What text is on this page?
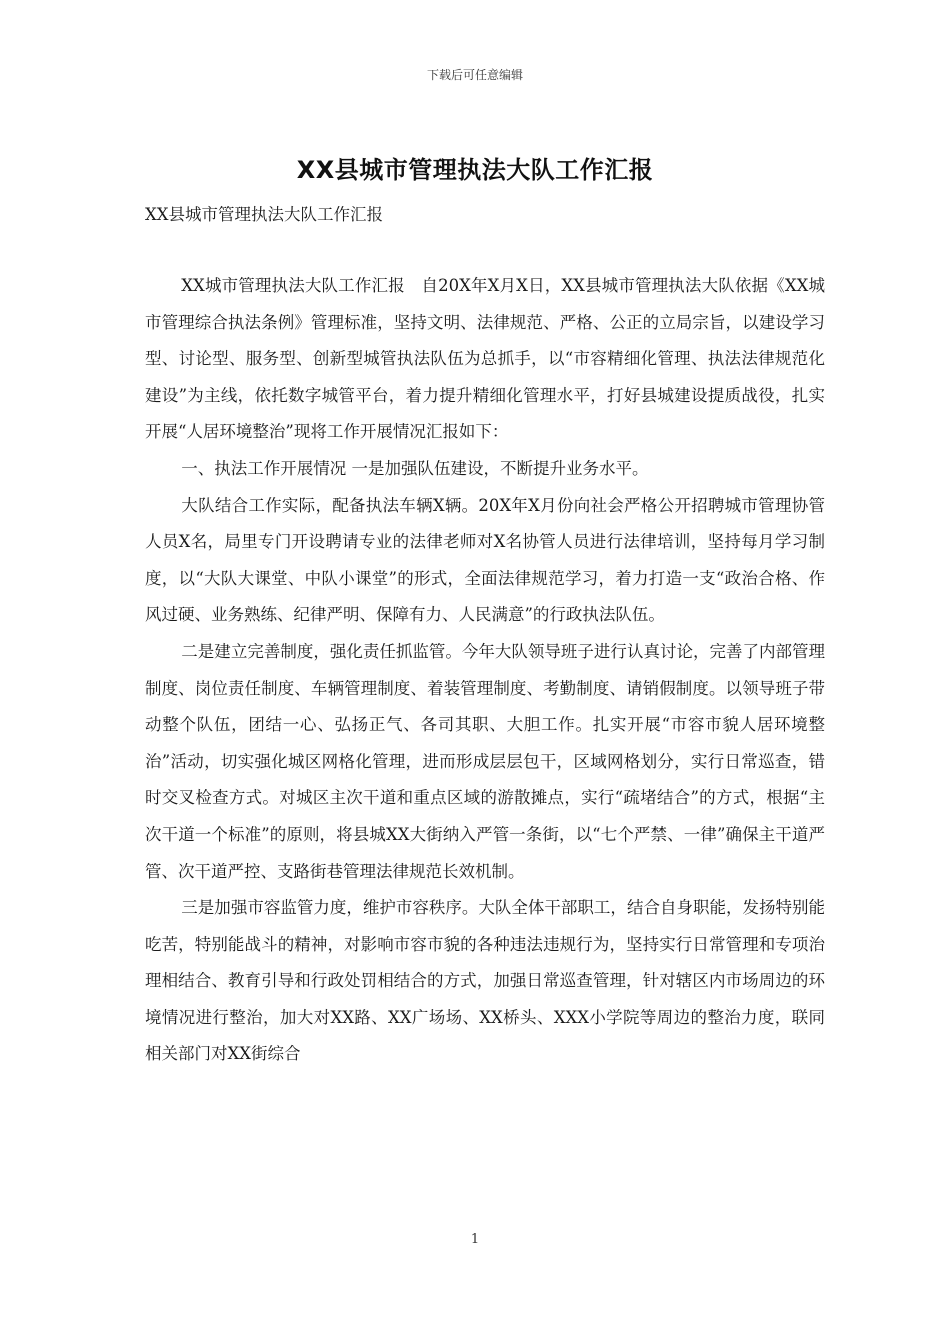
下载后可任意编辑
XX县城市管理执法大队工作汇报
XX县城市管理执法大队工作汇报

XX城市管理执法大队工作汇报　自20X年X月X日，XX县城市管理执法大队依据《XX城市管理综合执法条例》管理标准，坚持文明、法律规范、严格、公正的立局宗旨，以建设学习型、讨论型、服务型、创新型城管执法队伍为总抓手，以“市容精细化管理、执法法律规范化建设”为主线，依托数字城管平台，着力提升精细化管理水平，打好县城建设提质战役，扎实开展“人居环境整治”现将工作开展情况汇报如下：

一、执法工作开展情况 一是加强队伍建设，不断提升业务水平。

大队结合工作实际，配备执法车辆X辆。20X年X月份向社会严格公开招聘城市管理协管人员X名，局里专门开设聘请专业的法律老师对X名协管人员进行法律培训，坚持每月学习制度，以“大队大课堂、中队小课堂”的形式，全面法律规范学习，着力打造一支“政治合格、作风过硬、业务熟练、纪律严明、保障有力、人民满意”的行政执法队伍。

二是建立完善制度，强化责任抓监管。今年大队领导班子进行认真讨论，完善了内部管理制度、岗位责任制度、车辆管理制度、着装管理制度、考勤制度、请销假制度。以领导班子带动整个队伍，团结一心、弘扬正气、各司其职、大胆工作。扎实开展“市容市貌人居环境整治”活动，切实强化城区网格化管理，进而形成层层包干，区域网格划分，实行日常巡查，错时交叉检查方式。对城区主次干道和重点区域的游散摊点，实行“疏堵结合”的方式，根据“主次干道一个标准”的原则，将县城XX大街纳入严管一条街，以“七个严禁、一律”确保主干道严管、次干道严控、支路街巷管理法律规范长效机制。

三是加强市容监管力度，维护市容秩序。大队全体干部职工，结合自身职能，发扬特别能吃苦，特别能战斗的精神，对影响市容市貌的各种违法违规行为，坚持实行日常管理和专项治理相结合、教育引导和行政处罚相结合的方式，加强日常巡查管理，针对辖区内市场周边的环境情况进行整治，加大对XX路、XX广场场、XX桥头、XXX小学院等周边的整治力度，联同相关部门对XX街综合

1
